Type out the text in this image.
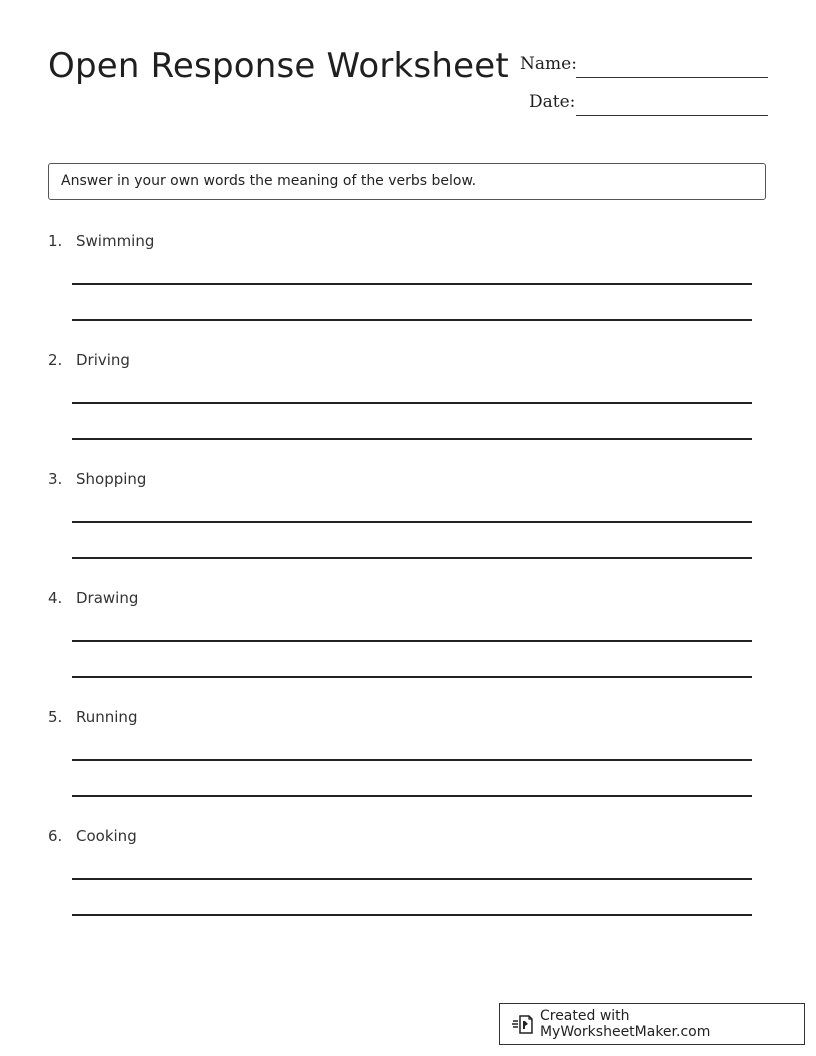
Open Response Worksheet Name:
Date:
Answer in your own words the meaning of the verbs below.
1. Swimming
2. Driving
3. Shopping
4. Drawing
5. Running
6. Cooking
Created with MyWorksheetMaker.com
